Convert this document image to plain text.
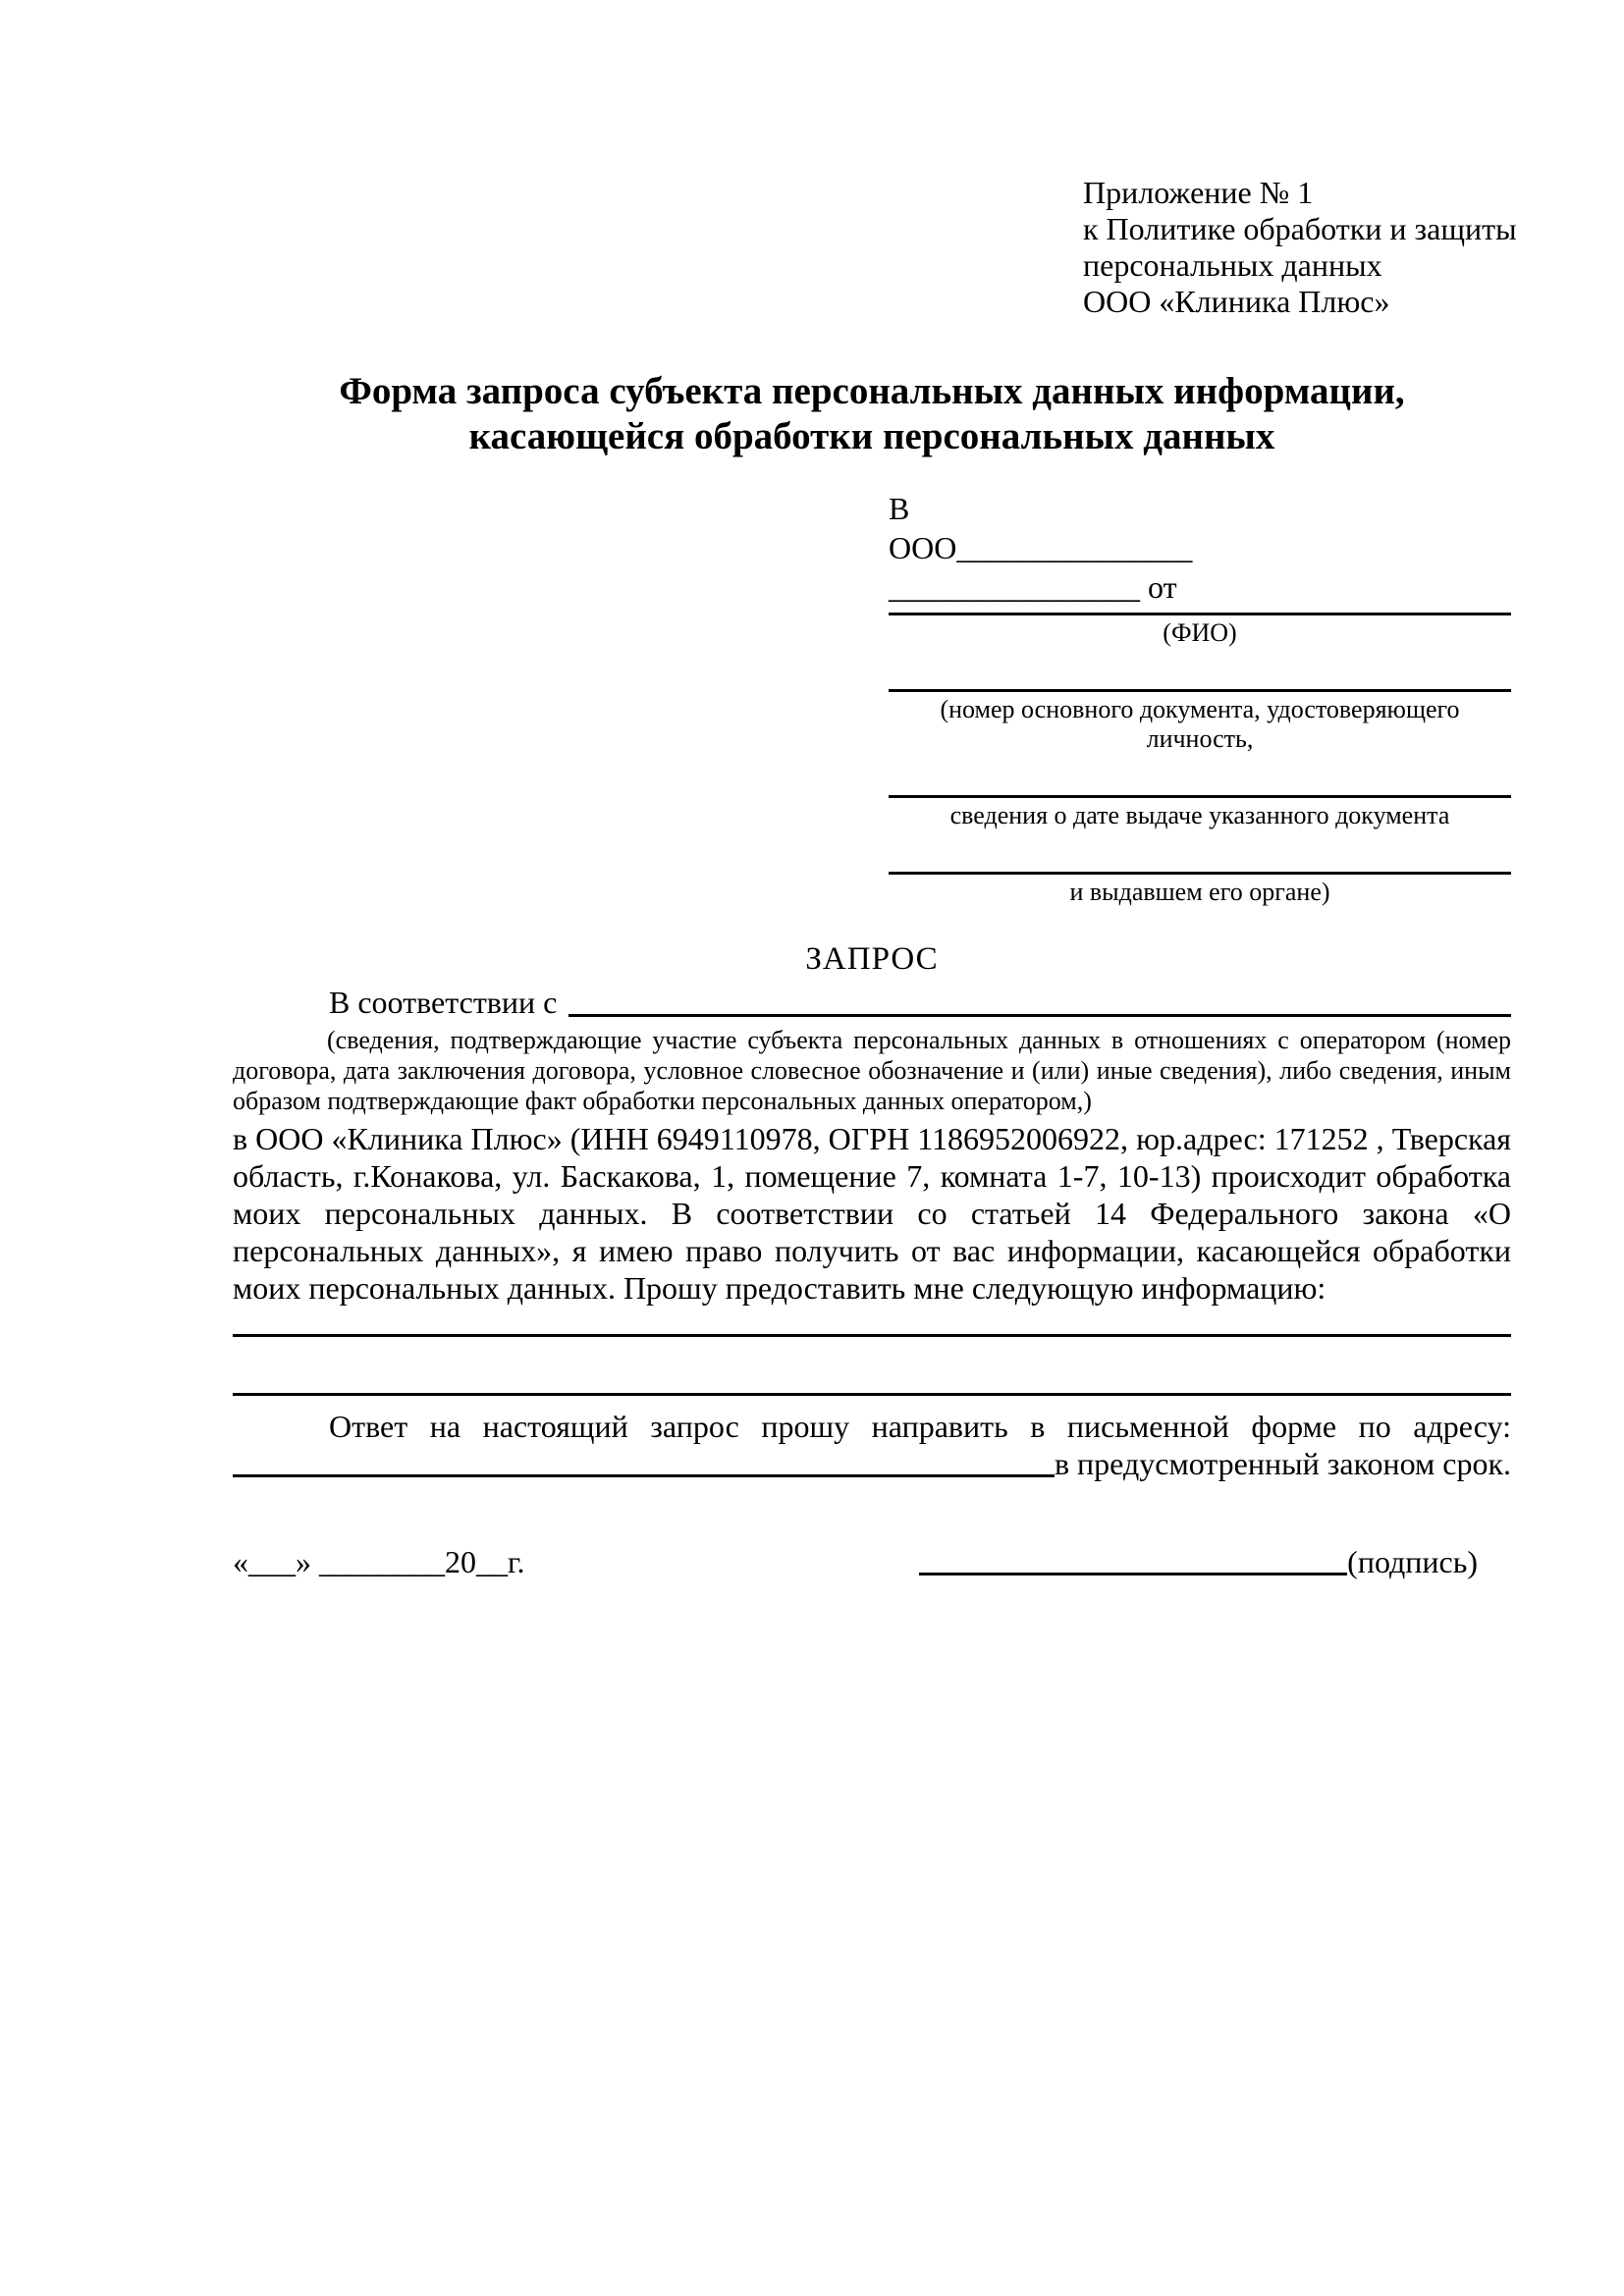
Приложение № 1
к Политике обработки и защиты
персональных данных
ООО «Клиника Плюс»
Форма запроса субъекта персональных данных информации,
касающейся обработки персональных данных
В
ООО_______________
________________ от
(ФИО)
(номер основного документа, удостоверяющего личность,
сведения о дате выдаче указанного документа
и выдавшем его органе)
ЗАПРОС
В соответствии с
(сведения, подтверждающие участие субъекта персональных данных в отношениях с оператором (номер договора, дата заключения договора, условное словесное обозначение и (или) иные сведения), либо сведения, иным образом подтверждающие факт обработки персональных данных оператором,)
в ООО «Клиника Плюс» (ИНН 6949110978, ОГРН 1186952006922, юр.адрес: 171252 , Тверская область, г.Конакова, ул. Баскакова, 1, помещение 7, комната 1-7, 10-13) происходит обработка моих персональных данных. В соответствии со статьей 14 Федерального закона «О персональных данных», я имею право получить от вас информации, касающейся обработки моих персональных данных. Прошу предоставить мне следующую информацию:
Ответ на настоящий запрос прошу направить в письменной форме по адресу:
в предусмотренный законом срок.
«___» ________20__г.	(подпись)
